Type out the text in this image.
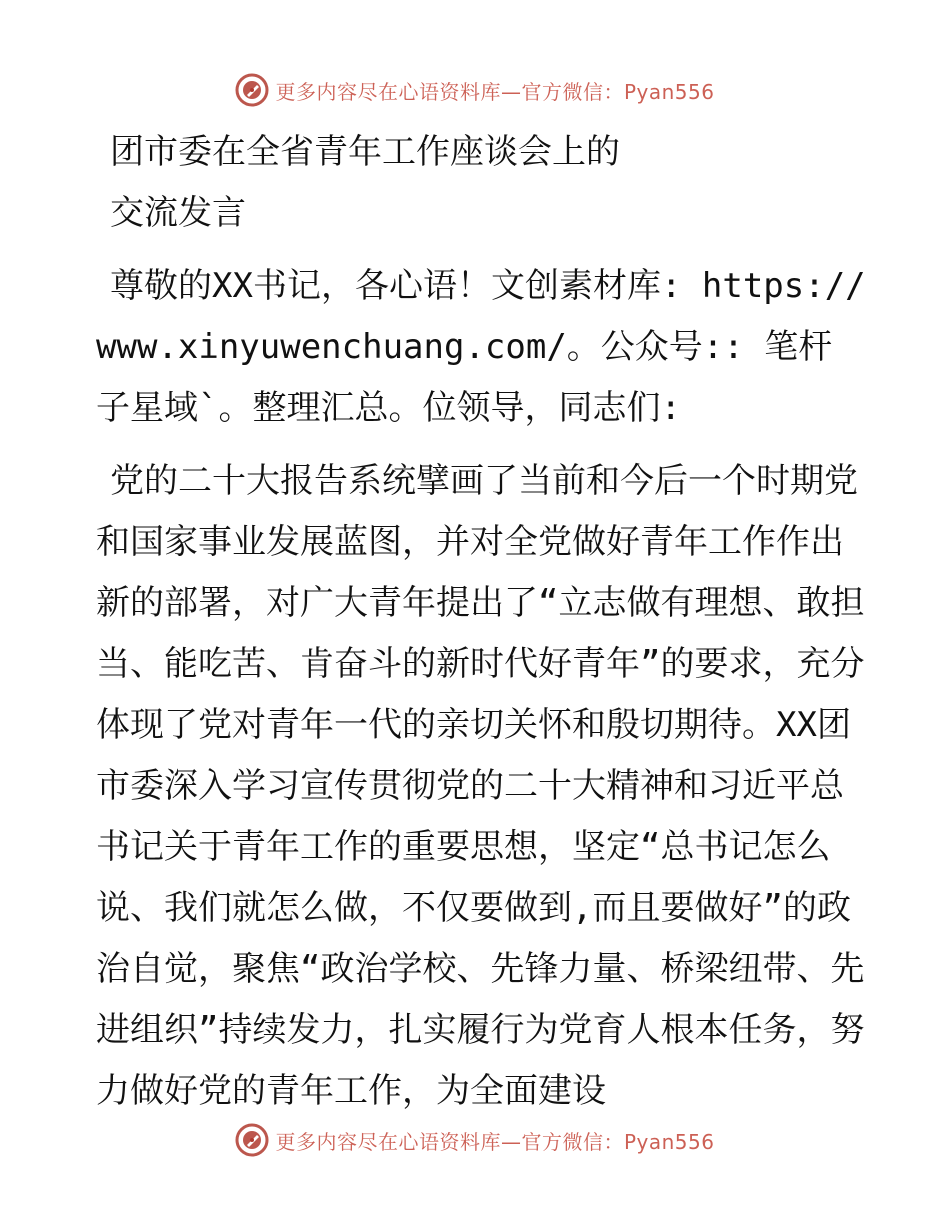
更多内容尽在心语资料库—官方微信：Pyan556

团市委在全省青年工作座谈会上的

交流发言

尊敬的XX书记，各心语！文创素材库: https://www.xinyuwenchuang.com/。公众号:: 笔杆子星域`。整理汇总。位领导，同志们:

党的二十大报告系统擘画了当前和今后一个时期党和国家事业发展蓝图，并对全党做好青年工作作出新的部署，对广大青年提出了“立志做有理想、敢担当、能吃苦、肯奋斗的新时代好青年”的要求，充分体现了党对青年一代的亲切关怀和殷切期待。XX团市委深入学习宣传贯彻党的二十大精神和习近平总书记关于青年工作的重要思想，坚定“总书记怎么说、我们就怎么做，不仅要做到,而且要做好”的政治自觉，聚焦“政治学校、先锋力量、桥梁纽带、先进组织”持续发力，扎实履行为党育人根本任务，努力做好党的青年工作，为全面建设

更多内容尽在心语资料库—官方微信：Pyan556
